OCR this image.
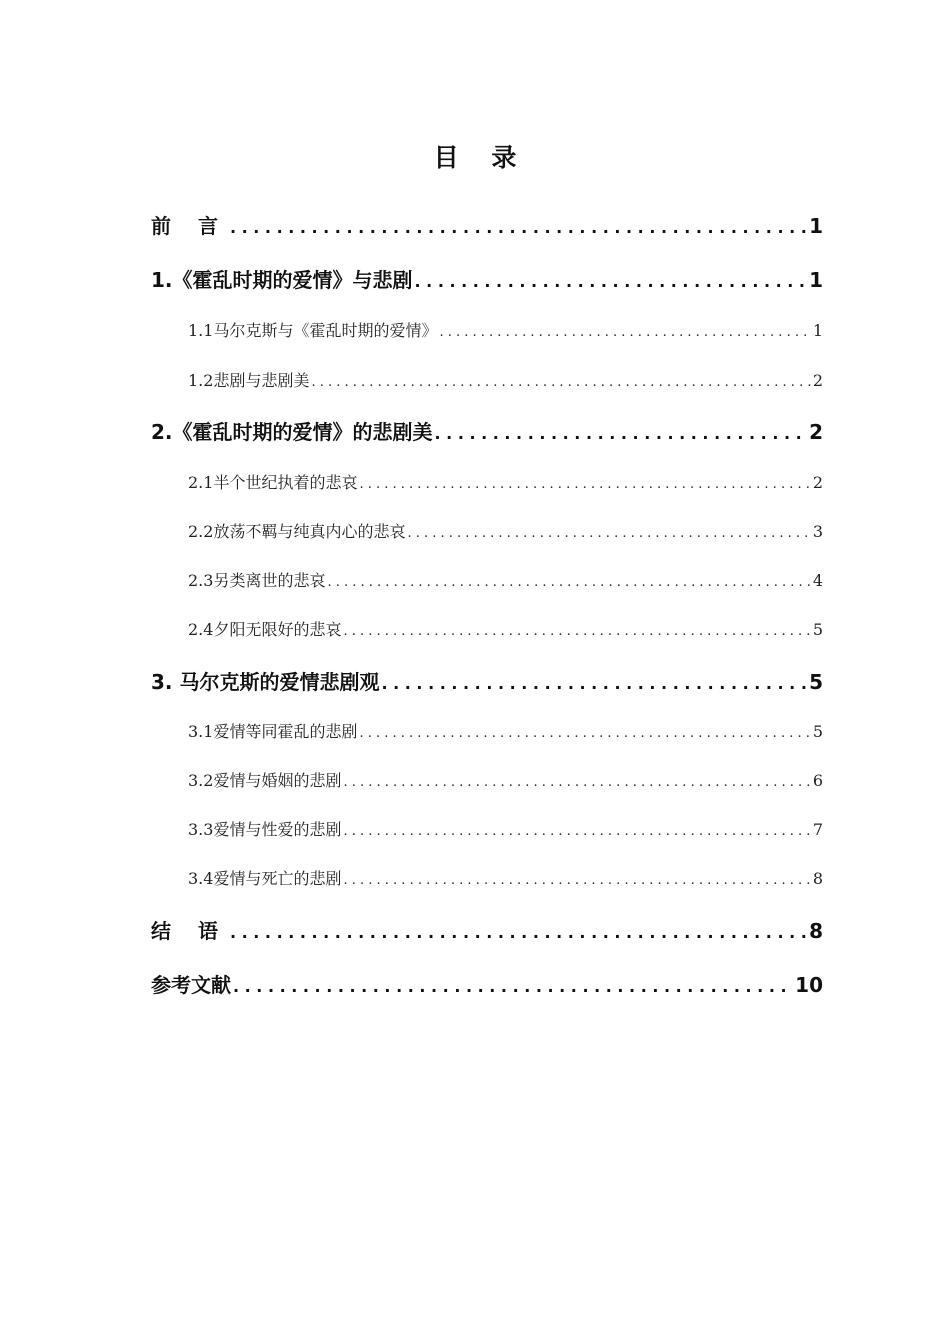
目 录
前 言 . . .	1
1.《霍乱时期的爱情》与悲剧 . . .	1
1.1马尔克斯与《霍乱时期的爱情》 . . .	1
1.2悲剧与悲剧美 . . .	2
2.《霍乱时期的爱情》的悲剧美 . . .	2
2.1半个世纪执着的悲哀 . . .	2
2.2放荡不羁与纯真内心的悲哀 . . .	3
2.3另类离世的悲哀 . . .	4
2.4夕阳无限好的悲哀 . . .	5
3. 马尔克斯的爱情悲剧观 . . .	5
3.1爱情等同霍乱的悲剧 . . .	5
3.2爱情与婚姻的悲剧 . . .	6
3.3爱情与性爱的悲剧 . . .	7
3.4爱情与死亡的悲剧 . . .	8
结 语 . . .	8
参考文献 . . .	10
